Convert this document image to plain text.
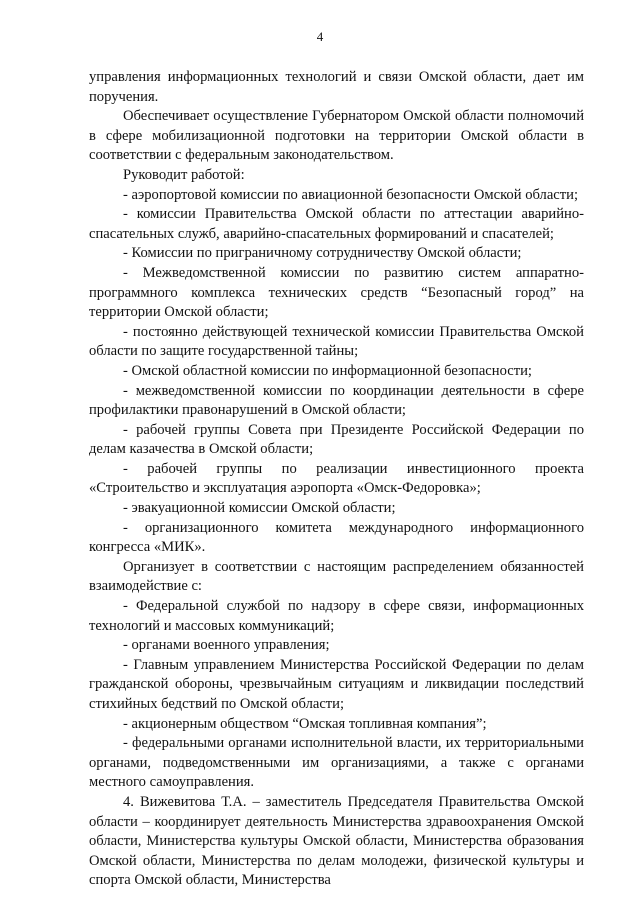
4

управления информационных технологий и связи Омской области, дает им поручения.

Обеспечивает осуществление Губернатором Омской области полномочий в сфере мобилизационной подготовки на территории Омской области в соответствии с федеральным законодательством.

Руководит работой:

- аэропортовой комиссии по авиационной безопасности Омской области;

- комиссии Правительства Омской области по аттестации аварийно-спасательных служб, аварийно-спасательных формирований и спасателей;

- Комиссии по приграничному сотрудничеству Омской области;

- Межведомственной комиссии по развитию систем аппаратно-программного комплекса технических средств “Безопасный город” на территории Омской области;

- постоянно действующей технической комиссии Правительства Омской области по защите государственной тайны;

- Омской областной комиссии по информационной безопасности;

- межведомственной комиссии по координации деятельности в сфере профилактики правонарушений в Омской области;

- рабочей группы Совета при Президенте Российской Федерации по делам казачества в Омской области;

- рабочей группы по реализации инвестиционного проекта «Строительство и эксплуатация аэропорта «Омск-Федоровка»;

- эвакуационной комиссии Омской области;

- организационного комитета международного информационного конгресса «МИК».

Организует в соответствии с настоящим распределением обязанностей взаимодействие с:

- Федеральной службой по надзору в сфере связи, информационных технологий и массовых коммуникаций;

- органами военного управления;

- Главным управлением Министерства Российской Федерации по делам гражданской обороны, чрезвычайным ситуациям и ликвидации последствий стихийных бедствий по Омской области;

- акционерным обществом “Омская топливная компания”;

- федеральными органами исполнительной власти, их территориальными органами, подведомственными им организациями, а также с органами местного самоуправления.

4. Вижевитова Т.А. – заместитель Председателя Правительства Омской области – координирует деятельность Министерства здравоохранения Омской области, Министерства культуры Омской области, Министерства образования Омской области, Министерства по делам молодежи, физической культуры и спорта Омской области, Министерства
